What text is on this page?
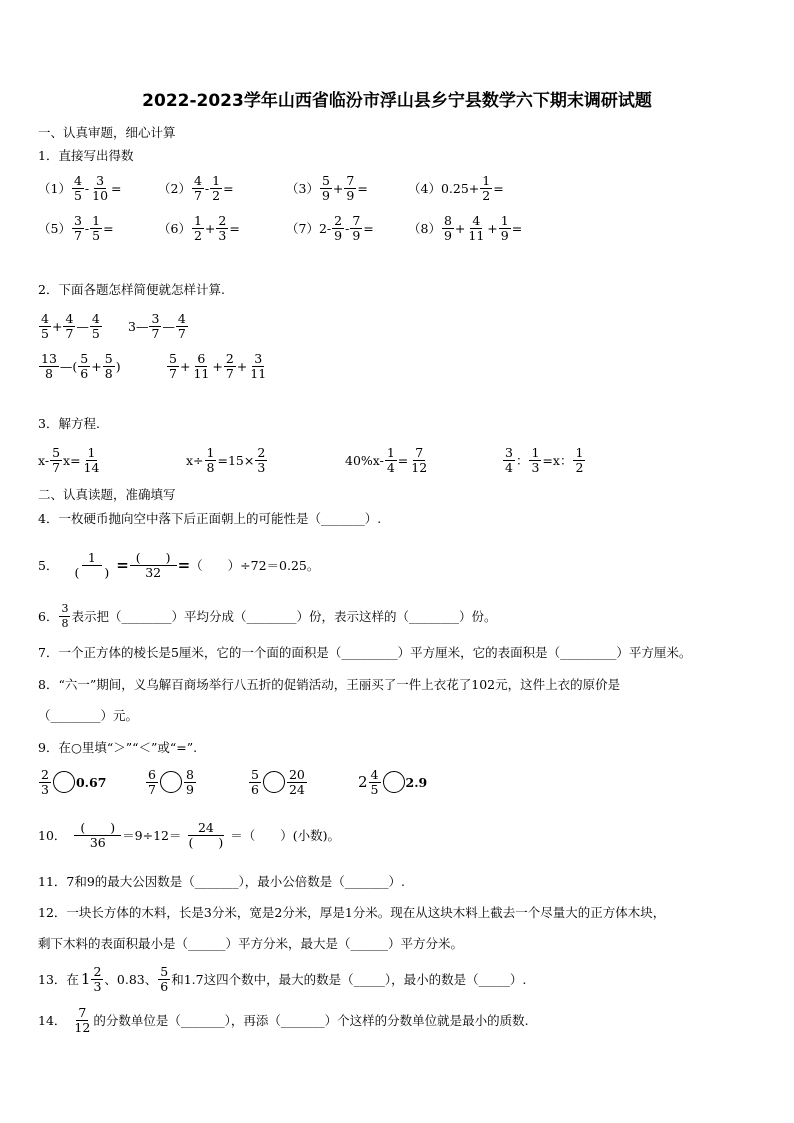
2022-2023学年山西省临汾市浮山县乡宁县数学六下期末调研试题
一、认真审题，细心计算
1．直接写出得数
$(1) \frac{4}{5} - \frac{3}{10}$ =	$(2) \frac{4}{7} - \frac{1}{2}$ =	$(3) \frac{5}{9} + \frac{7}{9}$ =	（4） $0.25+ \frac{1}{2}$ =
$(5) \frac{3}{7} - \frac{1}{5}$ =	$(6) \frac{1}{2} + \frac{2}{3}$ =	（7） $2- \frac{2}{9} - \frac{7}{9}$ =	$(8) \frac{8}{9} + \frac{4}{11} + \frac{1}{9}$ =
2．下面各题怎样简便就怎样计算.
$\frac{4}{5} + \frac{4}{7}$ — $\frac{4}{5}$ 3— $\frac{3}{7}$ — $\frac{4}{7}$
$\frac{13}{8}$ —( $\frac{5}{6} + \frac{5}{8}$ )	$\frac{5}{7} + \frac{6}{11} + \frac{2}{7} + \frac{3}{11}$
3．解方程.
$x- \frac{5}{7} x= \frac{1}{14}$	$x\div \frac{1}{8} =15\times \frac{2}{3}$	$40\%x- \frac{1}{4} = \frac{7}{12}$	$\frac{3}{4}$ ： $\frac{1}{3} =x$： $\frac{1}{2}$
二、认真读题，准确填写
4．一枚硬币抛向空中落下后正面朝上的可能性是（_______）.
5． $\frac{1}{( )} = \frac{( )}{32}$ = （　　）÷72＝0.25。
6． $\frac{3}{8}$ 表示把（________）平均分成（________）份，表示这样的（________）份。
7．一个正方体的棱长是5厘米，它的一个面的面积是（_________）平方厘米，它的表面积是（_________）平方厘米。
8．“六一”期间，义乌解百商场举行八五折的促销活动，王丽买了一件上衣花了102元，这件上衣的原价是
（________）元。
9．在○里填“＞”“＜”或“=”.
$\frac{2}{3} 0.67$	$\frac{6}{7} \frac{8}{9}$	$\frac{5}{6} \frac{20}{24}$	$2 \frac{4}{5} 2.9$
10． $\frac{( )}{36} =9\div 12= \frac{24}{( )}$ ＝（　　）(小数)。
11．7和9的最大公因数是（_______），最小公倍数是（_______）.
12．一块长方体的木料，长是3分米，宽是2分米，厚是1分米。现在从这块木料上截去一个尽量大的正方体木块，
剩下木料的表面积最小是（______）平方分米，最大是（______）平方分米。
13．在 $1 \frac{2}{3}$ 、0.83、 $\frac{5}{6}$ 和1.7这四个数中，最大的数是（_____），最小的数是（_____）.
14． $\frac{7}{12}$ 的分数单位是（_______），再添（_______）个这样的分数单位就是最小的质数.
